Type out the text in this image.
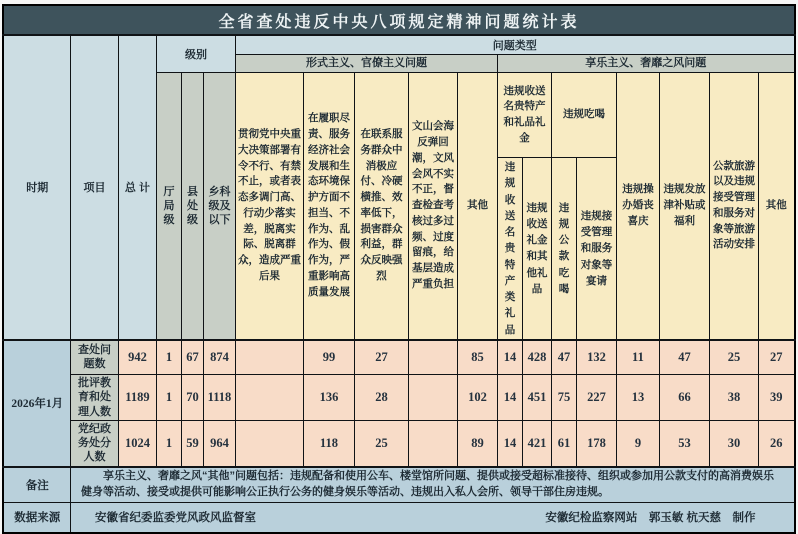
全省查处违反中央八项规定精神问题统计表																		
时期	项目	总 计	级别			问题类型												
						形式主义、官僚主义问题					享乐主义、奢靡之风问题							
			厅局级	县处级	乡科级及以下	贯彻党中央重大决策部署有令不行、有禁不止，或者表态多调门高、行动少落实差，脱离实际、脱离群众，造成严重后果	在履职尽责、服务经济社会发展和生态环境保护方面不担当、不作为、乱作为、假作为，严重影响高质量发展	在联系服务群众中消极应付、冷硬横推、效率低下，损害群众利益，群众反映强烈	文山会海反弹回潮，文风会风不实不正，督查检查考核过多过频、过度留痕，给基层造成严重负担	其他	违规收送名贵特产和礼品礼金		违规吃喝		违规操办婚丧喜庆	违规发放津补贴或福利	公款旅游以及违规接受管理和服务对象等旅游活动安排	其他
											违规收送名贵特产类礼品	违规收送礼金和其他礼品	违规公款吃喝	违规接受管理和服务对象等宴请				
2026年1月	查处问题数	942	1	67	874		99	27		85	14	428	47	132	11	47	25	27
	批评教育和处理人数	1189	1	70	1118		136	28		102	14	451	75	227	13	66	38	39
	党纪政务处分人数	1024	1	59	964		118	25		89	14	421	61	178	9	53	30	26
备注	享乐主义、奢靡之风“其他”问题包括：违规配备和使用公车、楼堂馆所问题、提供或接受超标准接待、组织或参加用公款支付的高消费娱乐健身等活动、接受或提供可能影响公正执行公务的健身娱乐等活动、违规出入私人会所、领导干部住房违规。																	
数据来源	安徽省纪委监委党风政风监督室 安徽纪检监察网站　郭玉敏 杭天慈　制作																	
